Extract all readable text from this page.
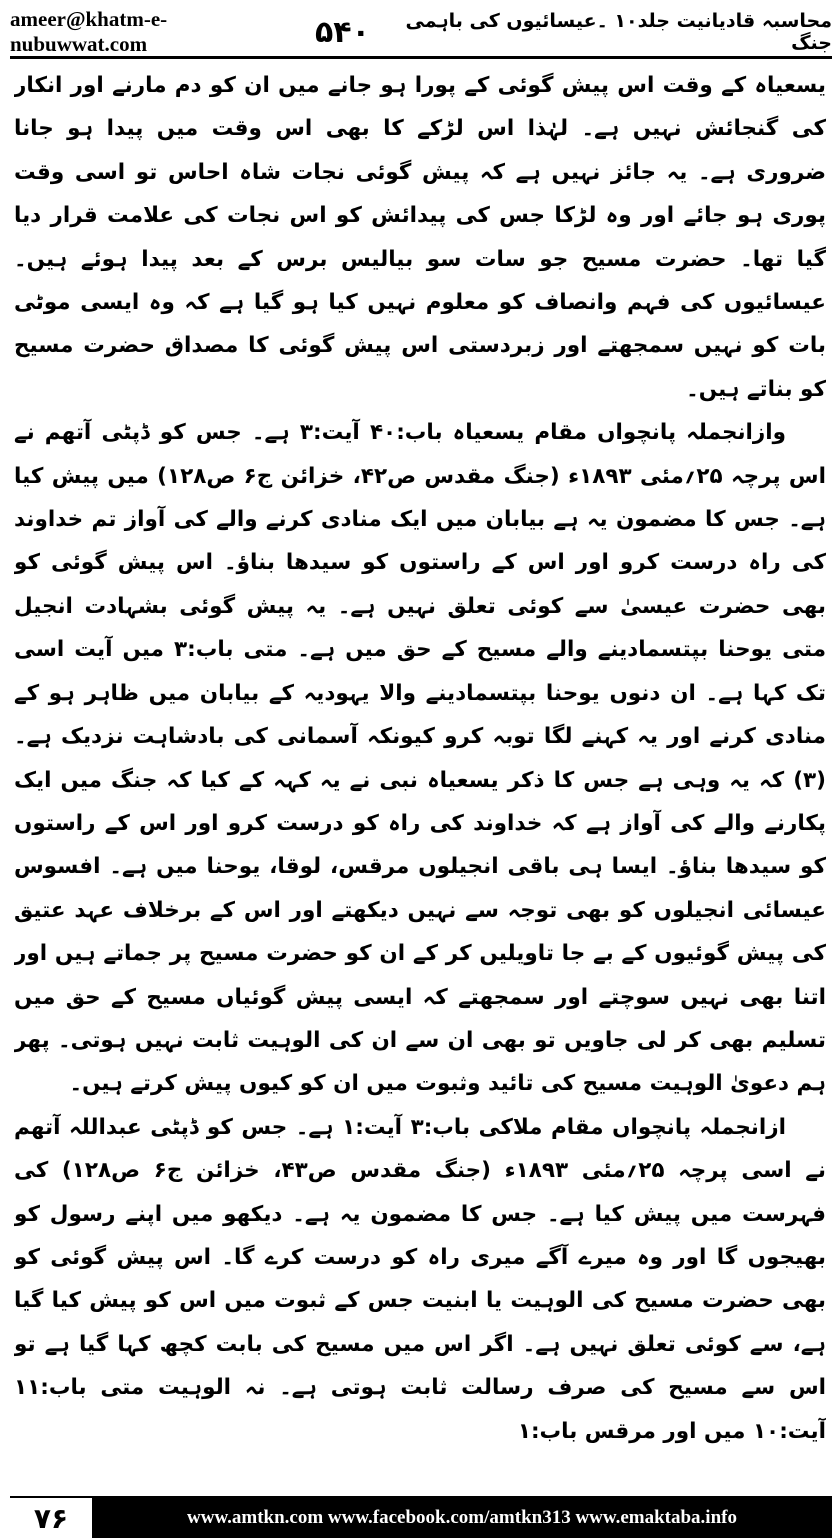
ameer@khatm-e-nubuwwat.com	۵۴۰	محاسبہ قادیانیت جلد۱۰ ۔عیسائیوں کی باہمی جنگ

یسعیاہ کے وقت اس پیش گوئی کے پورا ہو جانے میں ان کو دم مارنے اور انکار کی گنجائش نہیں ہے۔ لہٰذا اس لڑکے کا بھی اس وقت میں پیدا ہو جانا ضروری ہے۔ یہ جائز نہیں ہے کہ پیش گوئی نجات شاہ احاس تو اسی وقت پوری ہو جائے اور وہ لڑکا جس کی پیدائش کو اس نجات کی علامت قرار دیا گیا تھا۔ حضرت مسیح جو سات سو بیالیس برس کے بعد پیدا ہوئے ہیں۔ عیسائیوں کی فہم وانصاف کو معلوم نہیں کیا ہو گیا ہے کہ وہ ایسی موٹی بات کو نہیں سمجھتے اور زبردستی اس پیش گوئی کا مصداق حضرت مسیح کو بناتے ہیں۔

وازانجملہ پانچواں مقام یسعیاہ باب:۴۰ آیت:۳ ہے۔ جس کو ڈپٹی آتھم نے اس پرچہ ۲۵؍مئی ۱۸۹۳ء (جنگ مقدس ص۴۲، خزائن ج۶ ص۱۲۸) میں پیش کیا ہے۔ جس کا مضمون یہ ہے بیابان میں ایک منادی کرنے والے کی آواز تم خداوند کی راہ درست کرو اور اس کے راستوں کو سیدھا بناؤ۔ اس پیش گوئی کو بھی حضرت عیسیٰ سے کوئی تعلق نہیں ہے۔ یہ پیش گوئی بشہادت انجیل متی یوحنا بپتسمادینے والے مسیح کے حق میں ہے۔ متی باب:۳ میں آیت اسی تک کہا ہے۔ ان دنوں یوحنا بپتسمادینے والا یہودیہ کے بیابان میں ظاہر ہو کے منادی کرنے اور یہ کہنے لگا توبہ کرو کیونکہ آسمانی کی بادشاہت نزدیک ہے۔ (۳) کہ یہ وہی ہے جس کا ذکر یسعیاہ نبی نے یہ کہہ کے کیا کہ جنگ میں ایک پکارنے والے کی آواز ہے کہ خداوند کی راہ کو درست کرو اور اس کے راستوں کو سیدھا بناؤ۔ ایسا ہی باقی انجیلوں مرقس، لوقا، یوحنا میں ہے۔ افسوس عیسائی انجیلوں کو بھی توجہ سے نہیں دیکھتے اور اس کے برخلاف عہد عتیق کی پیش گوئیوں کے بے جا تاویلیں کر کے ان کو حضرت مسیح پر جماتے ہیں اور اتنا بھی نہیں سوچتے اور سمجھتے کہ ایسی پیش گوئیاں مسیح کے حق میں تسلیم بھی کر لی جاویں تو بھی ان سے ان کی الوہیت ثابت نہیں ہوتی۔ پھر ہم دعویٰ الوہیت مسیح کی تائید وثبوت میں ان کو کیوں پیش کرتے ہیں۔

ازانجملہ پانچواں مقام ملاکی باب:۳ آیت:۱ ہے۔ جس کو ڈپٹی عبداللہ آتھم نے اسی پرچہ ۲۵؍مئی ۱۸۹۳ء (جنگ مقدس ص۴۳، خزائن ج۶ ص۱۲۸) کی فہرست میں پیش کیا ہے۔ جس کا مضمون یہ ہے۔ دیکھو میں اپنے رسول کو بھیجوں گا اور وہ میرے آگے میری راہ کو درست کرے گا۔ اس پیش گوئی کو بھی حضرت مسیح کی الوہیت یا ابنیت جس کے ثبوت میں اس کو پیش کیا گیا ہے، سے کوئی تعلق نہیں ہے۔ اگر اس میں مسیح کی بابت کچھ کہا گیا ہے تو اس سے مسیح کی صرف رسالت ثابت ہوتی ہے۔ نہ الوہیت متی باب:۱۱ آیت:۱۰ میں اور مرقس باب:۱

۷۶	www.amtkn.com www.facebook.com/amtkn313 www.emaktaba.info
